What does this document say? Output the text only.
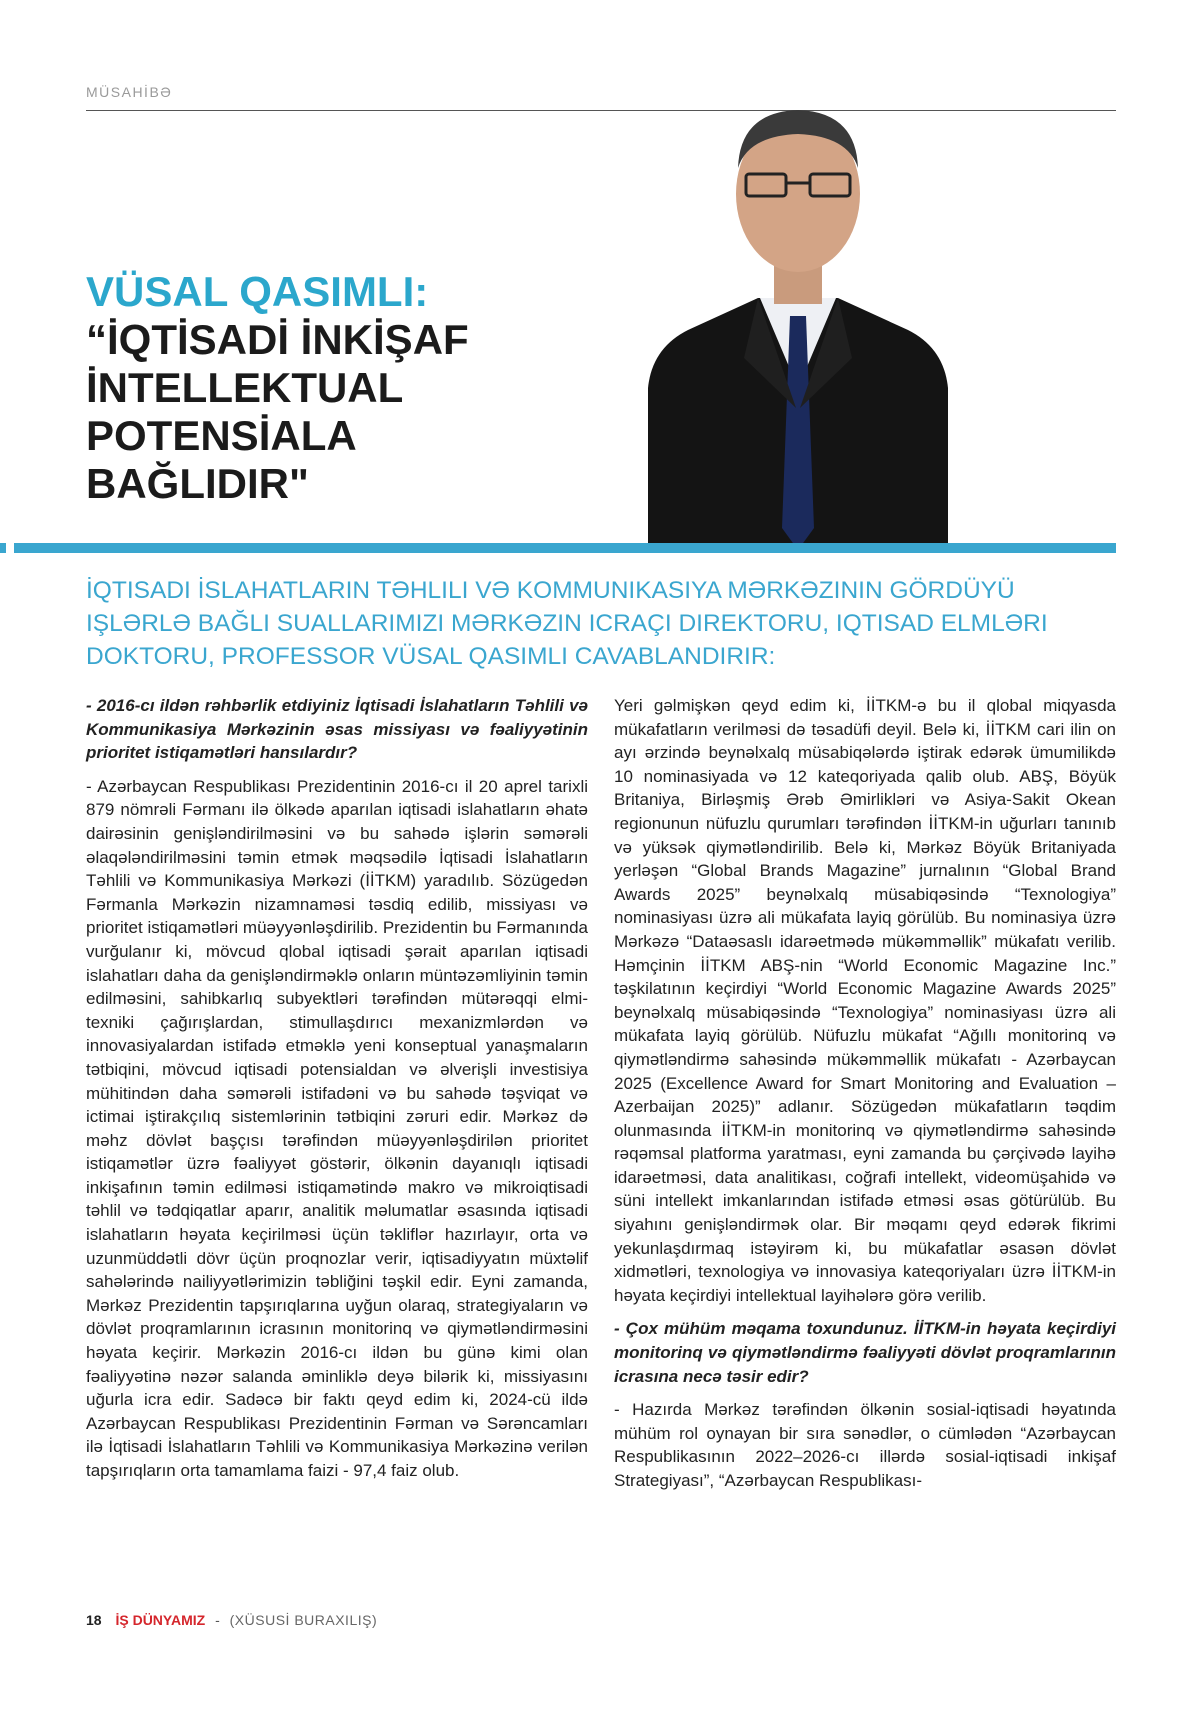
MÜSAHİBƏ

VÜSAL QASIMLI:

“İQTİSADİ İNKİŞAF

İNTELLEKTUAL

POTENSİALA

BAĞLIDIR"

İQTISADI İSLAHATLARIN TƏHLILI VƏ KOMMUNIKASIYA MƏRKƏZININ GÖRDÜYÜ IŞLƏRLƏ BAĞLI SUALLARIMIZI MƏRKƏZIN ICRAÇI DIREKTORU, IQTISAD ELMLƏRI DOKTORU, PROFESSOR VÜSAL QASIMLI CAVABLANDIRIR:

- 2016-cı ildən rəhbərlik etdiyiniz İqtisadi İslahatların Təhlili və Kommunikasiya Mərkəzinin əsas missiyası və fəaliyyətinin prioritet istiqamətləri hansılardır?

- Azərbaycan Respublikası Prezidentinin 2016-cı il 20 aprel tarixli 879 nömrəli Fərmanı ilə ölkədə aparılan iqtisadi islahatların əhatə dairəsinin genişləndirilməsini və bu sahədə işlərin səmərəli əlaqələndirilməsini təmin etmək məqsədilə İqtisadi İslahatların Təhlili və Kommunikasiya Mərkəzi (İİTKM) yaradılıb. Sözügedən Fərmanla Mərkəzin nizamnaməsi təsdiq edilib, missiyası və prioritet istiqamətləri müəyyənləşdirilib. Prezidentin bu Fərmanında vurğulanır ki, mövcud qlobal iqtisadi şərait aparılan iqtisadi islahatları daha da genişləndirməklə onların müntəzəmliyinin təmin edilməsini, sahibkarlıq subyektləri tərəfindən mütərəqqi elmi-texniki çağırışlardan, stimullaşdırıcı mexanizmlərdən və innovasiyalardan istifadə etməklə yeni konseptual yanaşmaların tətbiqini, mövcud iqtisadi potensialdan və əlverişli investisiya mühitindən daha səmərəli istifadəni və bu sahədə təşviqat və ictimai iştirakçılıq sistemlərinin tətbiqini zəruri edir. Mərkəz də məhz dövlət başçısı tərəfindən müəyyənləşdirilən prioritet istiqamətlər üzrə fəaliyyət göstərir, ölkənin dayanıqlı iqtisadi inkişafının təmin edilməsi istiqamətində makro və mikroiqtisadi təhlil və tədqiqatlar aparır, analitik məlumatlar əsasında iqtisadi islahatların həyata keçirilməsi üçün təkliflər hazırlayır, orta və uzunmüddətli dövr üçün proqnozlar verir, iqtisadiyyatın müxtəlif sahələrində nailiyyətlərimizin təbliğini təşkil edir. Eyni zamanda, Mərkəz Prezidentin tapşırıqlarına uyğun olaraq, strategiyaların və dövlət proqramlarının icrasının monitorinq və qiymətləndirməsini həyata keçirir. Mərkəzin 2016-cı ildən bu günə kimi olan fəaliyyətinə nəzər salanda əminliklə deyə bilərik ki, missiyasını uğurla icra edir. Sadəcə bir faktı qeyd edim ki, 2024-cü ildə Azərbaycan Respublikası Prezidentinin Fərman və Sərəncamları ilə İqtisadi İslahatların Təhlili və Kommunikasiya Mərkəzinə verilən tapşırıqların orta tamamlama faizi - 97,4 faiz olub.

Yeri gəlmişkən qeyd edim ki, İİTKM-ə bu il qlobal miqyasda mükafatların verilməsi də təsadüfi deyil. Belə ki, İİTKM cari ilin on ayı ərzində beynəlxalq müsabiqələrdə iştirak edərək ümumilikdə 10 nominasiyada və 12 kateqoriyada qalib olub. ABŞ, Böyük Britaniya, Birləşmiş Ərəb Əmirlikləri və Asiya-Sakit Okean regionunun nüfuzlu qurumları tərəfindən İİTKM-in uğurları tanınıb və yüksək qiymətləndirilib. Belə ki, Mərkəz Böyük Britaniyada yerləşən “Global Brands Magazine” jurnalının “Global Brand Awards 2025” beynəlxalq müsabiqəsində “Texnologiya” nominasiyası üzrə ali mükafata layiq görülüb. Bu nominasiya üzrə Mərkəzə “Dataəsaslı idarəetmədə mükəmməllik” mükafatı verilib. Həmçinin İİTKM ABŞ-nin “World Economic Magazine Inc.” təşkilatının keçirdiyi “World Economic Magazine Awards 2025” beynəlxalq müsabiqəsində “Texnologiya” nominasiyası üzrə ali mükafata layiq görülüb. Nüfuzlu mükafat “Ağıllı monitorinq və qiymətləndirmə sahəsində mükəmməllik mükafatı - Azərbaycan 2025 (Excellence Award for Smart Monitoring and Evaluation – Azerbaijan 2025)” adlanır. Sözügedən mükafatların təqdim olunmasında İİTKM-in monitorinq və qiymətləndirmə sahəsində rəqəmsal platforma yaratması, eyni zamanda bu çərçivədə layihə idarəetməsi, data analitikası, coğrafi intellekt, videomüşahidə və süni intellekt imkanlarından istifadə etməsi əsas götürülüb. Bu siyahını genişləndirmək olar. Bir məqamı qeyd edərək fikrimi yekunlaşdırmaq istəyirəm ki, bu mükafatlar əsasən dövlət xidmətləri, texnologiya və innovasiya kateqoriyaları üzrə İİTKM-in həyata keçirdiyi intellektual layihələrə görə verilib.

- Çox mühüm məqama toxundunuz. İİTKM-in həyata keçirdiyi monitorinq və qiymətləndirmə fəaliyyəti dövlət proqramlarının icrasına necə təsir edir?

- Hazırda Mərkəz tərəfindən ölkənin sosial-iqtisadi həyatında mühüm rol oynayan bir sıra sənədlər, o cümlədən “Azərbaycan Respublikasının 2022–2026-cı illərdə sosial-iqtisadi inkişaf Strategiyası”, “Azərbaycan Respublikası-

18 İŞ DÜNYAMIZ - (XÜSUSİ BURAXILIŞ)
